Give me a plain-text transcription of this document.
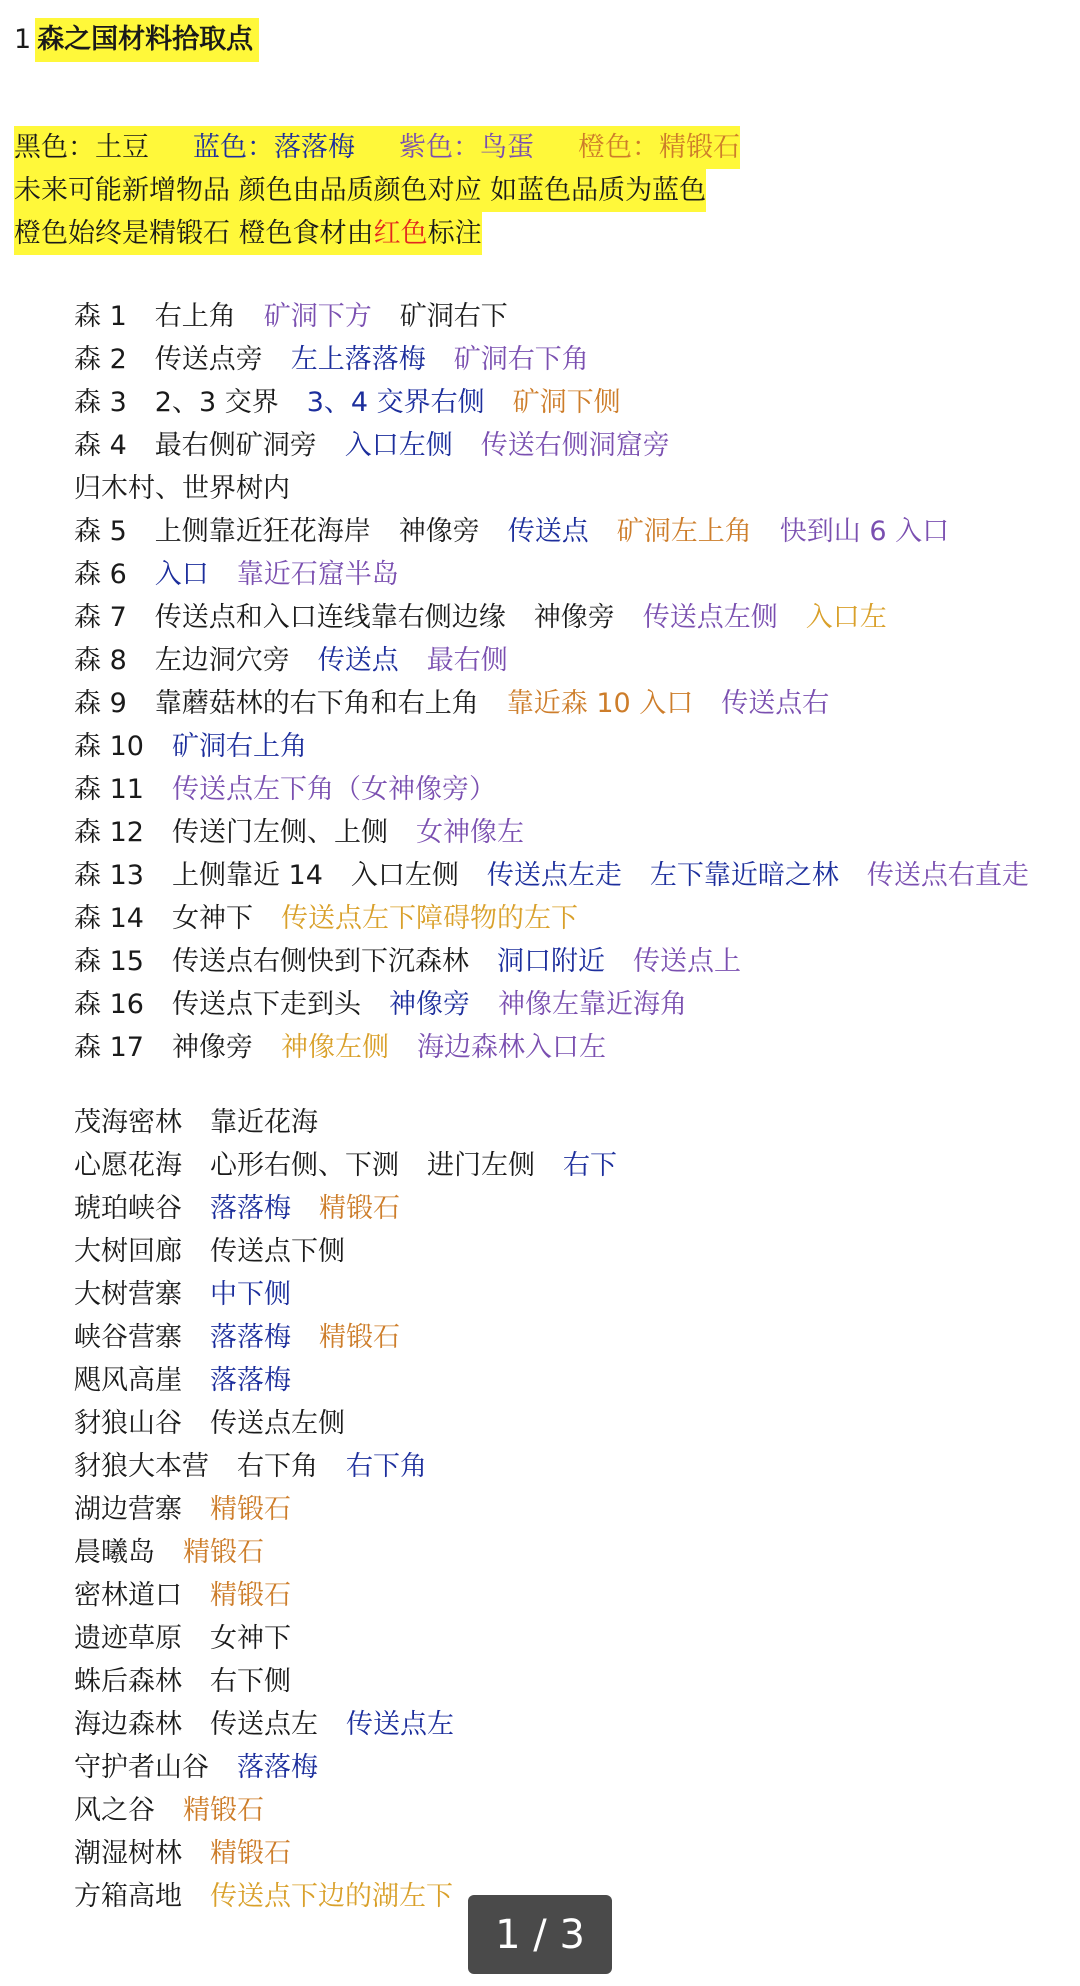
1 森之国材料拾取点
黑色：土豆 蓝色：落落梅 紫色：鸟蛋 橙色：精锻石
未来可能新增物品 颜色由品质颜色对应 如蓝色品质为蓝色
橙色始终是精锻石 橙色食材由红色标注
森 1 右上角 矿洞下方 矿洞右下
森 2 传送点旁 左上落落梅 矿洞右下角
森 3 2、3 交界 3、4 交界右侧 矿洞下侧
森 4 最右侧矿洞旁 入口左侧 传送右侧洞窟旁
归木村、世界树内
森 5 上侧靠近狂花海岸 神像旁 传送点 矿洞左上角 快到山 6 入口
森 6 入口 靠近石窟半岛
森 7 传送点和入口连线靠右侧边缘 神像旁 传送点左侧 入口左
森 8 左边洞穴旁 传送点 最右侧
森 9 靠蘑菇林的右下角和右上角 靠近森 10 入口 传送点右
森 10 矿洞右上角
森 11 传送点左下角（女神像旁）
森 12 传送门左侧、上侧 女神像左
森 13 上侧靠近 14 入口左侧 传送点左走 左下靠近暗之林 传送点右直走
森 14 女神下 传送点左下障碍物的左下
森 15 传送点右侧快到下沉森林 洞口附近 传送点上
森 16 传送点下走到头 神像旁 神像左靠近海角
森 17 神像旁 神像左侧 海边森林入口左
茂海密林 靠近花海
心愿花海 心形右侧、下测 进门左侧 右下
琥珀峡谷 落落梅 精锻石
大树回廊 传送点下侧
大树营寨 中下侧
峡谷营寨 落落梅 精锻石
飓风高崖 落落梅
豺狼山谷 传送点左侧
豺狼大本营 右下角 右下角
湖边营寨 精锻石
晨曦岛 精锻石
密林道口 精锻石
遗迹草原 女神下
蛛后森林 右下侧
海边森林 传送点左 传送点左
守护者山谷 落落梅
风之谷 精锻石
潮湿树林 精锻石
方箱高地 传送点下边的湖左下
1 / 3
